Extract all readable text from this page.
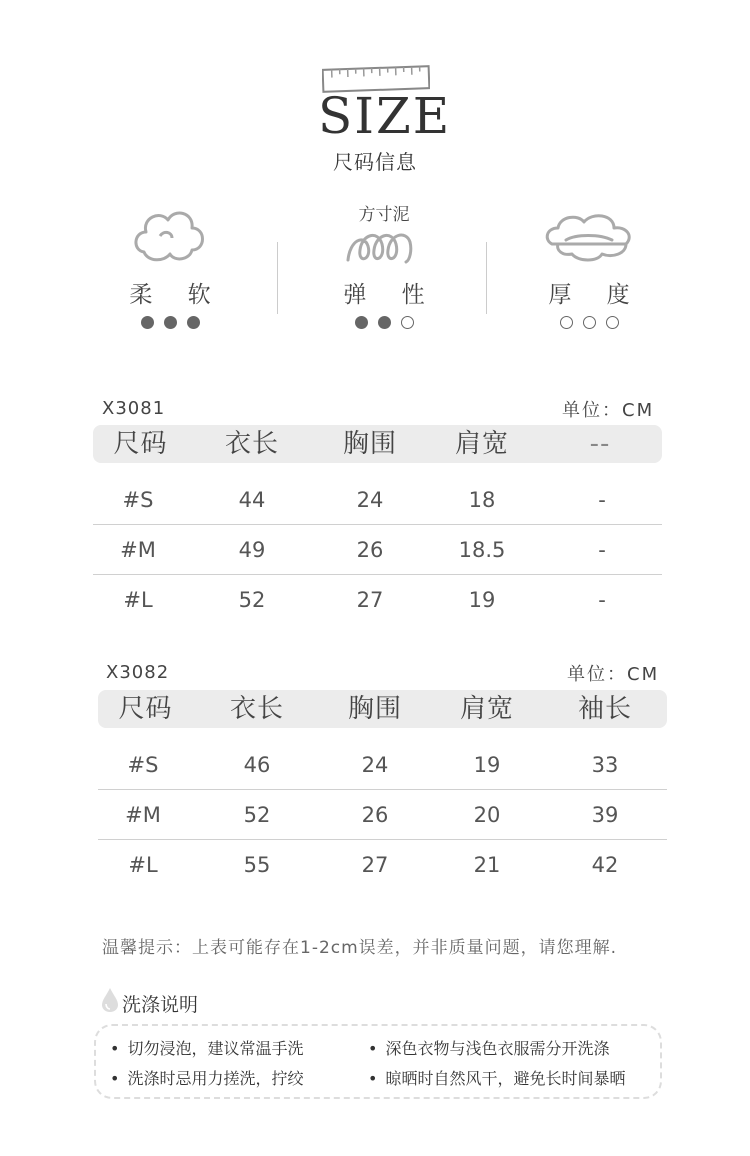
SIZE
尺码信息
柔 软
方寸泥
弹 性	厚 度
X3081	单位：CM
尺码	衣长	胸围	肩宽	--
#S	44	24	18	-
#M	49	26	18.5	-
#L	52	27	19	-
X3082	单位：CM
尺码	衣长	胸围	肩宽	袖长
#S	46	24	19	33
#M	52	26	20	39
#L	55	27	21	42
温馨提示：上表可能存在1-2cm误差，并非质量问题，请您理解.
洗涤说明
• 切勿浸泡，建议常温手洗	• 深色衣物与浅色衣服需分开洗涤
• 洗涤时忌用力搓洗，拧绞	• 晾晒时自然风干，避免长时间暴晒
